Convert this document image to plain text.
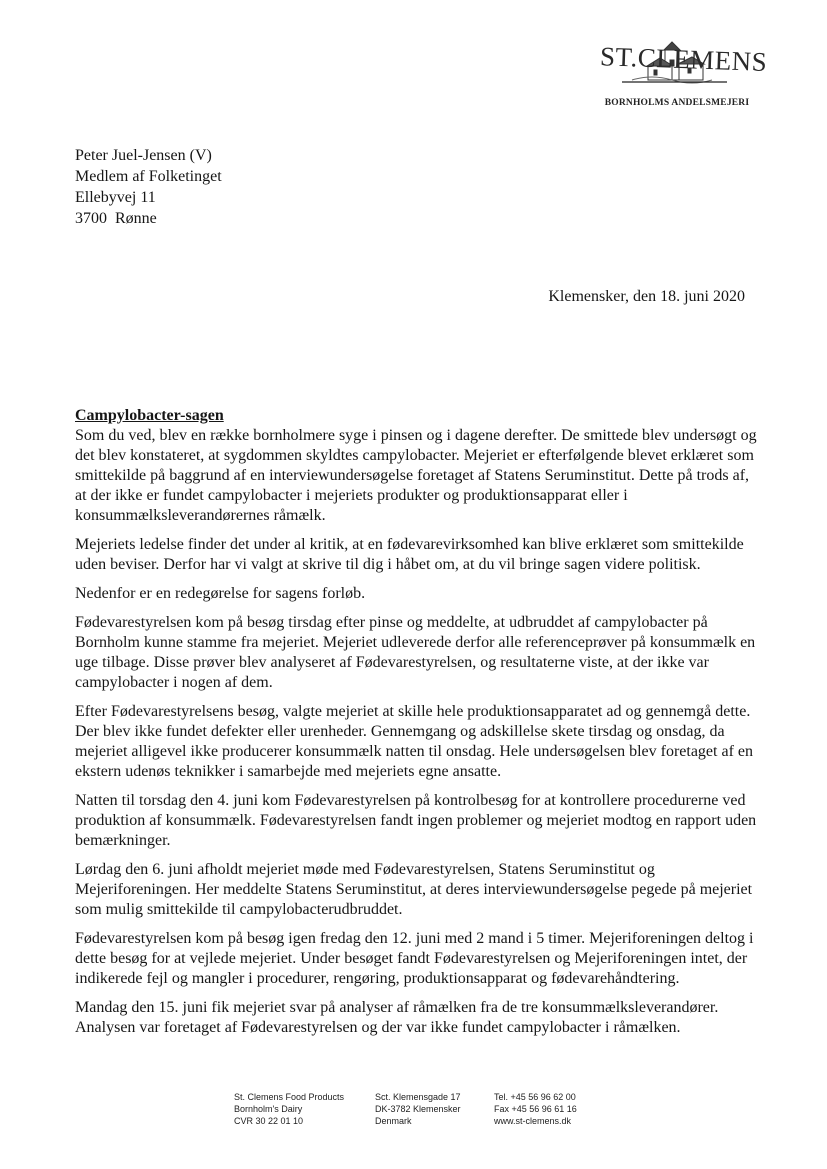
ST.CLEMENS
BORNHOLMS ANDELSMEJERI
Peter Juel-Jensen (V)
Medlem af Folketinget
Ellebyvej 11
3700  Rønne
Klemensker, den 18. juni 2020
Campylobacter-sagen

Som du ved, blev en række bornholmere syge i pinsen og i dagene derefter. De smittede blev undersøgt og det blev konstateret, at sygdommen skyldtes campylobacter. Mejeriet er efterfølgende blevet erklæret som smittekilde på baggrund af en interviewundersøgelse foretaget af Statens Seruminstitut. Dette på trods af, at der ikke er fundet campylobacter i mejeriets produkter og produktionsapparat eller i konsummælksleverandørernes råmælk.

Mejeriets ledelse finder det under al kritik, at en fødevarevirksomhed kan blive erklæret som smittekilde uden beviser. Derfor har vi valgt at skrive til dig i håbet om, at du vil bringe sagen videre politisk.

Nedenfor er en redegørelse for sagens forløb.

Fødevarestyrelsen kom på besøg tirsdag efter pinse og meddelte, at udbruddet af campylobacter på Bornholm kunne stamme fra mejeriet. Mejeriet udleverede derfor alle referenceprøver på konsummælk en uge tilbage. Disse prøver blev analyseret af Fødevarestyrelsen, og resultaterne viste, at der ikke var campylobacter i nogen af dem.

Efter Fødevarestyrelsens besøg, valgte mejeriet at skille hele produktionsapparatet ad og gennemgå dette. Der blev ikke fundet defekter eller urenheder. Gennemgang og adskillelse skete tirsdag og onsdag, da mejeriet alligevel ikke producerer konsummælk natten til onsdag. Hele undersøgelsen blev foretaget af en ekstern udenøs teknikker i samarbejde med mejeriets egne ansatte.

Natten til torsdag den 4. juni kom Fødevarestyrelsen på kontrolbesøg for at kontrollere procedurerne ved produktion af konsummælk. Fødevarestyrelsen fandt ingen problemer og mejeriet modtog en rapport uden bemærkninger.

Lørdag den 6. juni afholdt mejeriet møde med Fødevarestyrelsen, Statens Seruminstitut og Mejeriforeningen. Her meddelte Statens Seruminstitut, at deres interviewundersøgelse pegede på mejeriet som mulig smittekilde til campylobacterudbruddet.

Fødevarestyrelsen kom på besøg igen fredag den 12. juni med 2 mand i 5 timer. Mejeriforeningen deltog i dette besøg for at vejlede mejeriet. Under besøget fandt Fødevarestyrelsen og Mejeriforeningen intet, der indikerede fejl og mangler i procedurer, rengøring, produktionsapparat og fødevarehåndtering.

Mandag den 15. juni fik mejeriet svar på analyser af råmælken fra de tre konsummælksleverandører. Analysen var foretaget af Fødevarestyrelsen og der var ikke fundet campylobacter i råmælken.

St. Clemens Food Products
Bornholm's Dairy
CVR 30 22 01 10
Sct. Klemensgade 17
DK-3782 Klemensker
Denmark
Tel. +45 56 96 62 00
Fax +45 56 96 61 16
www.st-clemens.dk
